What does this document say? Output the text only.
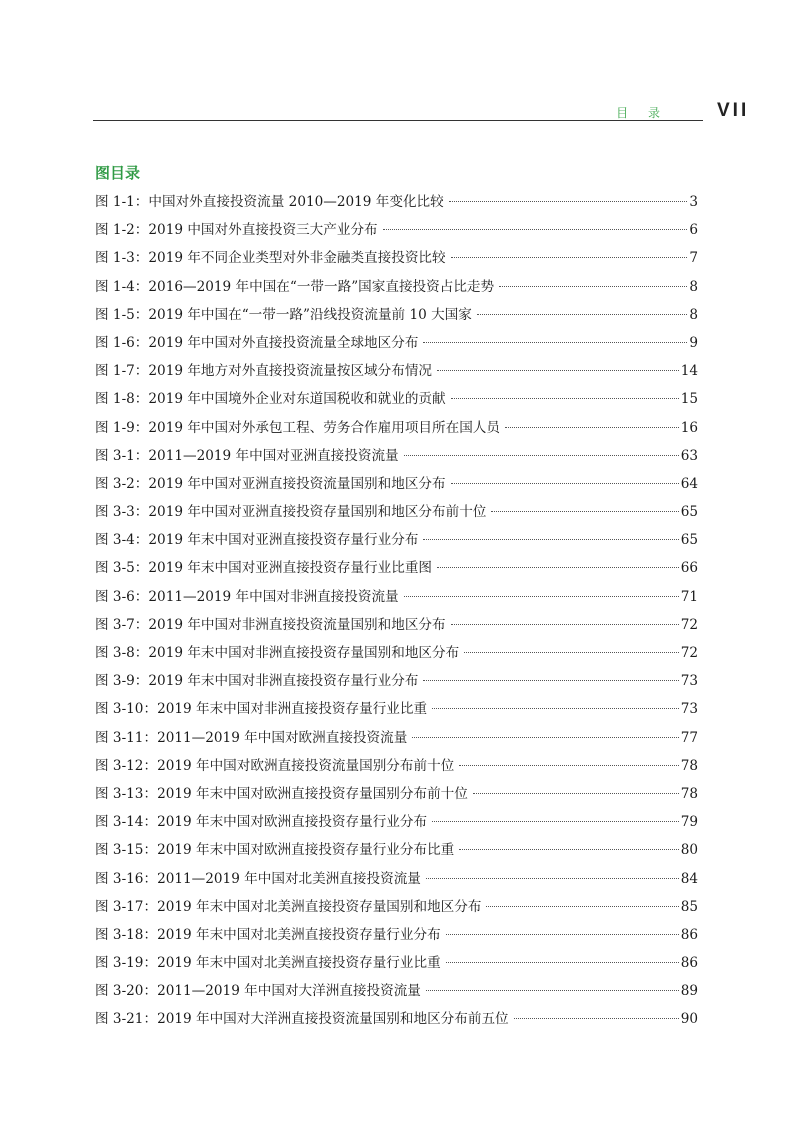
目 录	VII
图目录
图 1-1： 中国对外直接投资流量 2010—2019 年变化比较	3
图 1-2： 2019 中国对外直接投资三大产业分布	6
图 1-3： 2019 年不同企业类型对外非金融类直接投资比较	7
图 1-4： 2016—2019 年中国在“一带一路”国家直接投资占比走势	8
图 1-5： 2019 年中国在“一带一路”沿线投资流量前 10 大国家	8
图 1-6： 2019 年中国对外直接投资流量全球地区分布	9
图 1-7： 2019 年地方对外直接投资流量按区域分布情况	14
图 1-8： 2019 年中国境外企业对东道国税收和就业的贡献	15
图 1-9： 2019 年中国对外承包工程、劳务合作雇用项目所在国人员	16
图 3-1： 2011—2019 年中国对亚洲直接投资流量	63
图 3-2： 2019 年中国对亚洲直接投资流量国别和地区分布	64
图 3-3： 2019 年中国对亚洲直接投资存量国别和地区分布前十位	65
图 3-4： 2019 年末中国对亚洲直接投资存量行业分布	65
图 3-5： 2019 年末中国对亚洲直接投资存量行业比重图	66
图 3-6： 2011—2019 年中国对非洲直接投资流量	71
图 3-7： 2019 年中国对非洲直接投资流量国别和地区分布	72
图 3-8： 2019 年末中国对非洲直接投资存量国别和地区分布	72
图 3-9： 2019 年末中国对非洲直接投资存量行业分布	73
图 3-10： 2019 年末中国对非洲直接投资存量行业比重	73
图 3-11： 2011—2019 年中国对欧洲直接投资流量	77
图 3-12： 2019 年中国对欧洲直接投资流量国别分布前十位	78
图 3-13： 2019 年末中国对欧洲直接投资存量国别分布前十位	78
图 3-14： 2019 年末中国对欧洲直接投资存量行业分布	79
图 3-15： 2019 年末中国对欧洲直接投资存量行业分布比重	80
图 3-16： 2011—2019 年中国对北美洲直接投资流量	84
图 3-17： 2019 年末中国对北美洲直接投资存量国别和地区分布	85
图 3-18： 2019 年末中国对北美洲直接投资存量行业分布	86
图 3-19： 2019 年末中国对北美洲直接投资存量行业比重	86
图 3-20： 2011—2019 年中国对大洋洲直接投资流量	89
图 3-21： 2019 年中国对大洋洲直接投资流量国别和地区分布前五位	90
